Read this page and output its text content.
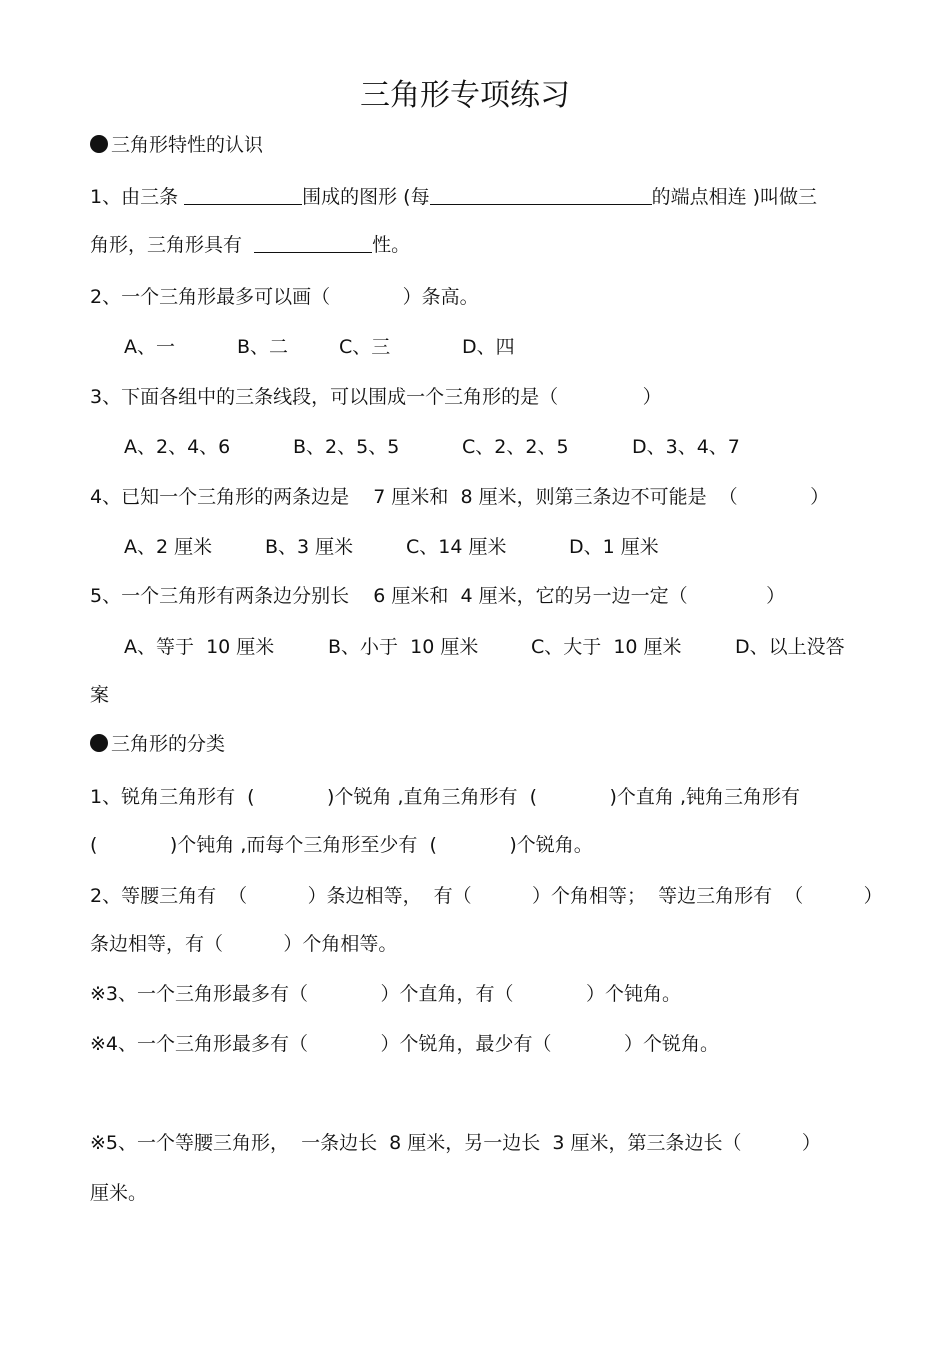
三角形专项练习
三角形特性的认识
1、由三条	围成的图形 (每	的端点相连 )叫做三
角形，三角形具有	性。
2、一个三角形最多可以画（            ）条高。
A、一	B、二	C、三	D、四
3、下面各组中的三条线段，可以围成一个三角形的是（              ）
A、2、4、6	B、2、5、5	C、2、2、5	D、3、4、7
4、已知一个三角形的两条边是    7 厘米和  8 厘米，则第三条边不可能是  （            ）
A、2 厘米	B、3 厘米	C、14 厘米	D、1 厘米
5、一个三角形有两条边分别长    6 厘米和  4 厘米，它的另一边一定（             ）
A、等于  10 厘米	B、小于  10 厘米	C、大于  10 厘米	D、以上没答
案
三角形的分类
1、锐角三角形有  (            )个锐角 ,直角三角形有  (            )个直角 ,钝角三角形有
(            )个钝角 ,而每个三角形至少有  (            )个锐角。
2、等腰三角有  （          ）条边相等，  有（          ）个角相等；  等边三角形有  （          ）
条边相等，有（          ）个角相等。
※3、一个三角形最多有（            ）个直角，有（            ）个钝角。
※4、一个三角形最多有（            ）个锐角，最少有（            ）个锐角。
※5、一个等腰三角形，  一条边长  8 厘米，另一边长  3 厘米，第三条边长（          ）
厘米。
